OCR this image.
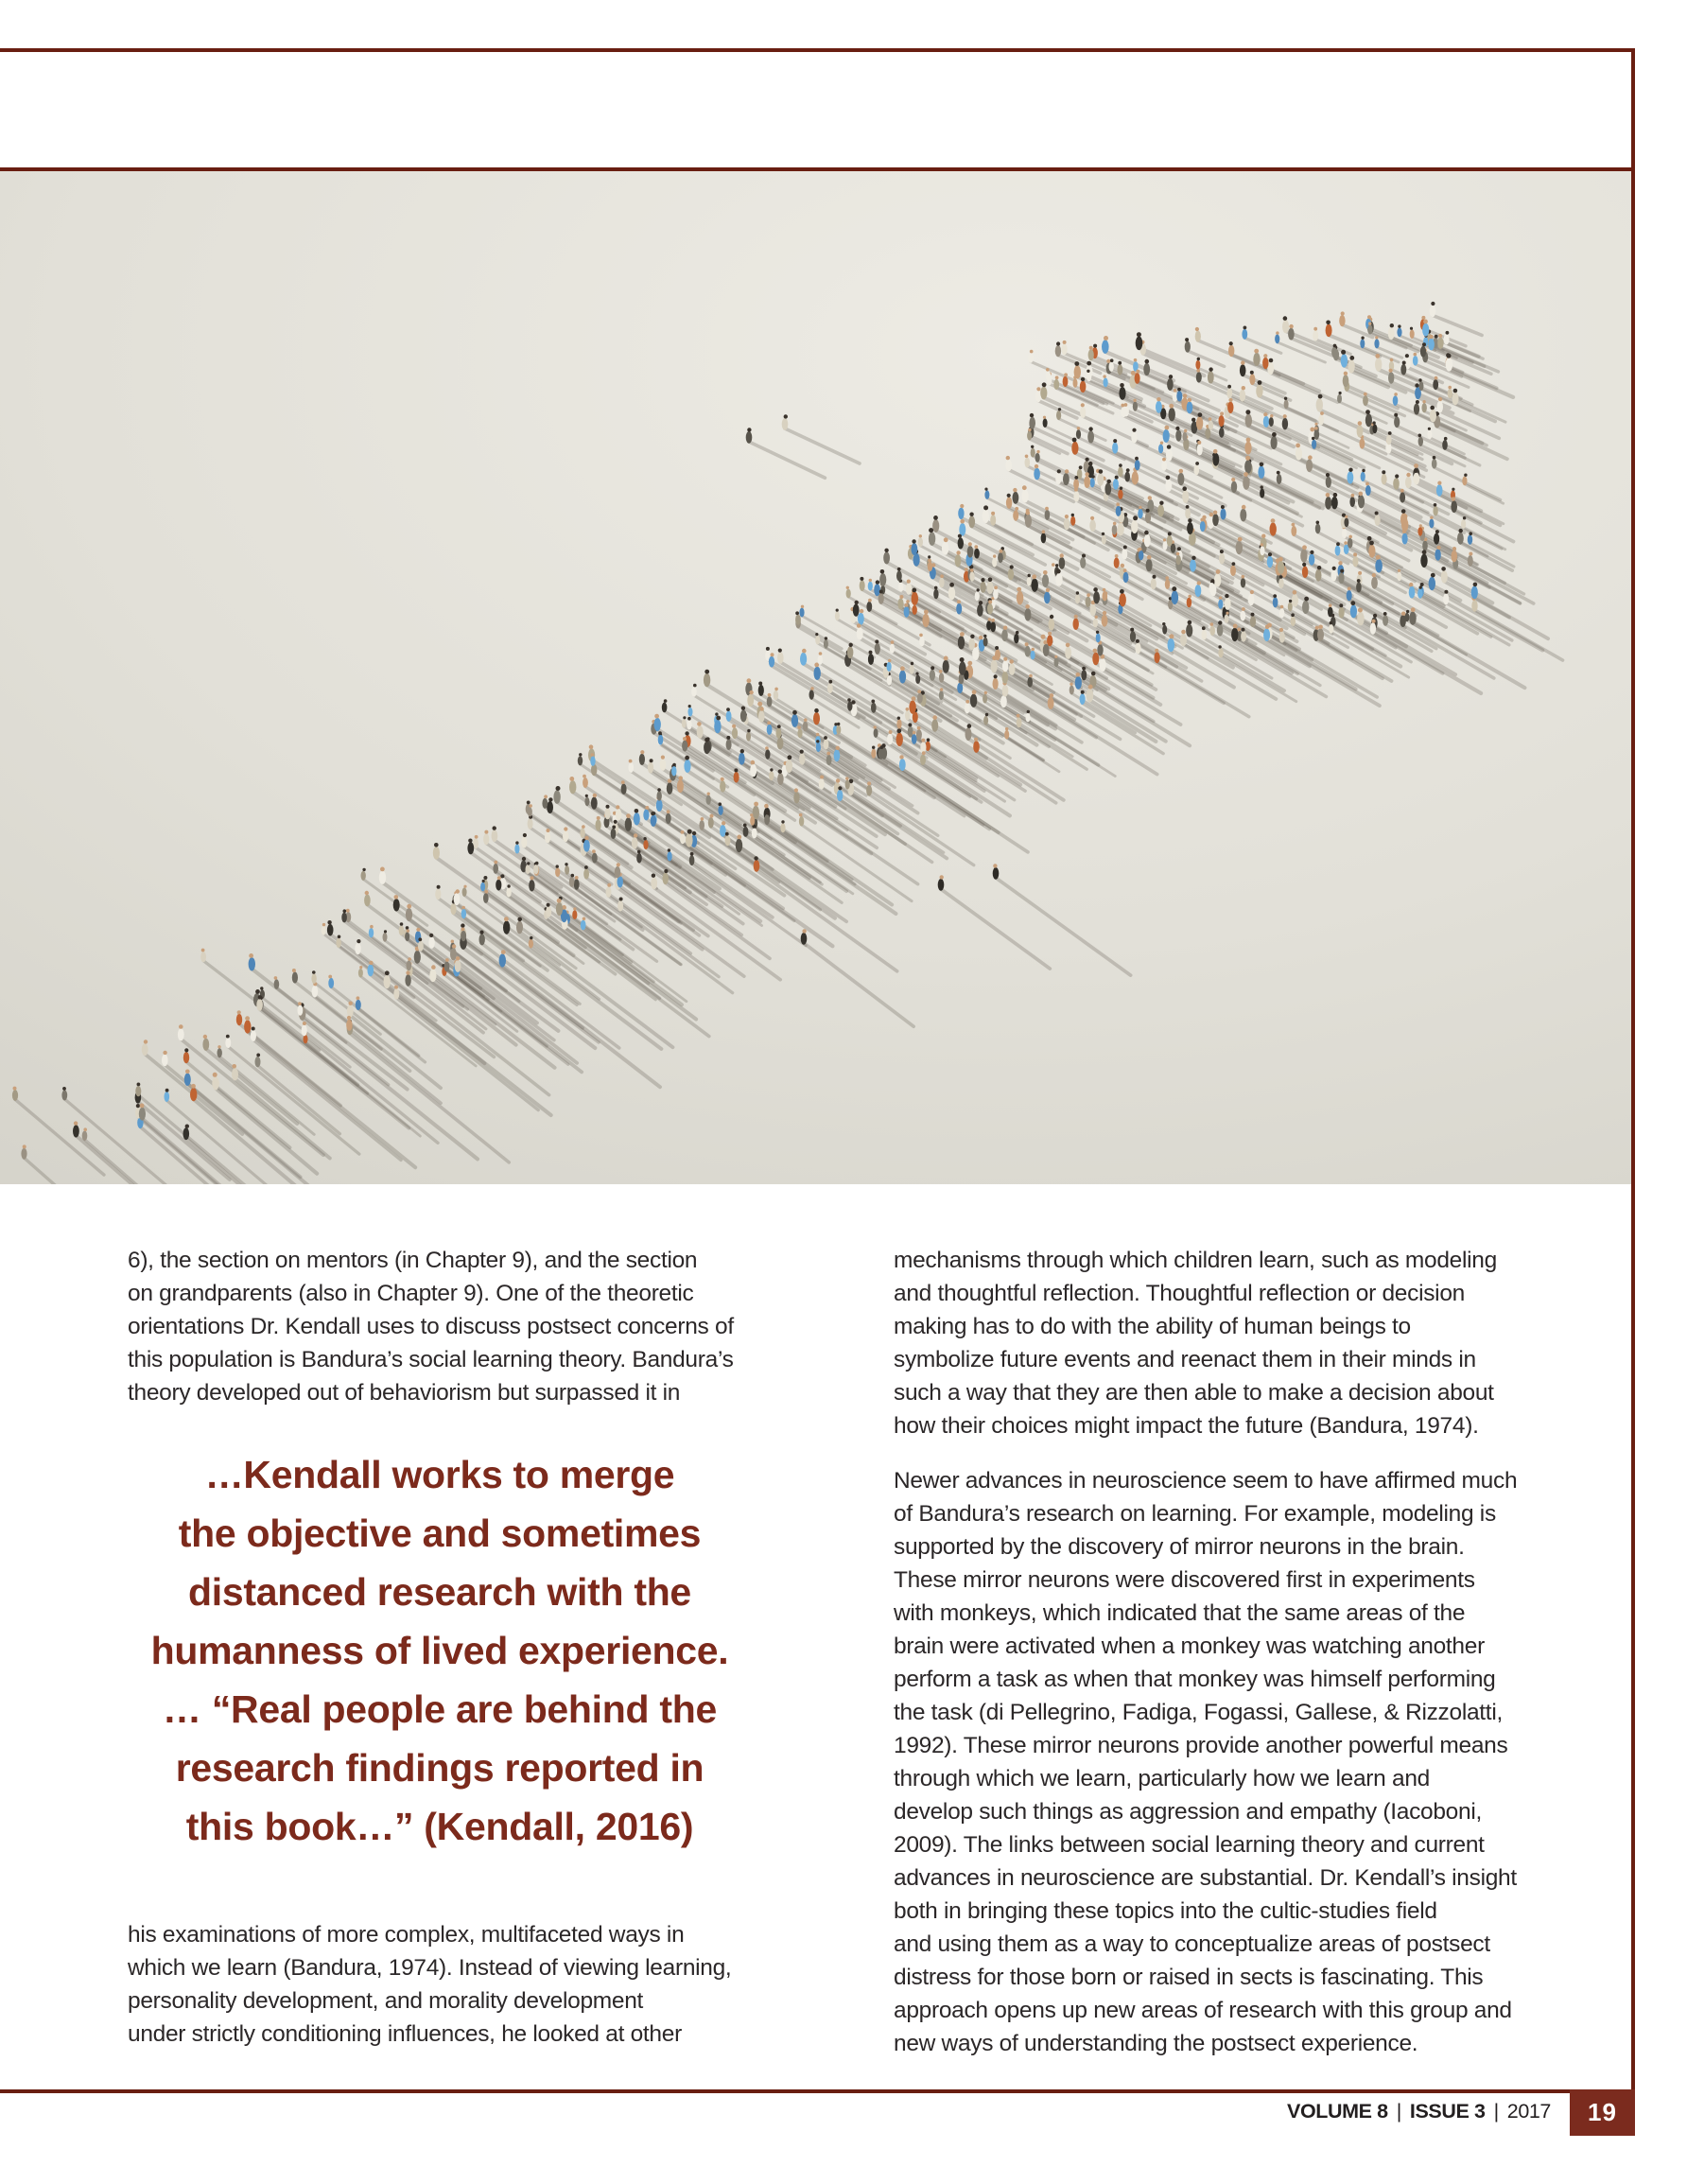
6), the section on mentors (in Chapter 9), and the section
on grandparents (also in Chapter 9). One of the theoretic
orientations Dr. Kendall uses to discuss postsect concerns of
this population is Bandura’s social learning theory. Bandura’s
theory developed out of behaviorism but surpassed it in

…Kendall works to merge
the objective and sometimes
distanced research with the
humanness of lived experience.
… “Real people are behind the
research findings reported in
this book…” (Kendall, 2016)

his examinations of more complex, multifaceted ways in
which we learn (Bandura, 1974). Instead of viewing learning,
personality development, and morality development
under strictly conditioning influences, he looked at other

mechanisms through which children learn, such as modeling
and thoughtful reflection. Thoughtful reflection or decision
making has to do with the ability of human beings to
symbolize future events and reenact them in their minds in
such a way that they are then able to make a decision about
how their choices might impact the future (Bandura, 1974).

Newer advances in neuroscience seem to have affirmed much
of Bandura’s research on learning. For example, modeling is
supported by the discovery of mirror neurons in the brain.
These mirror neurons were discovered first in experiments
with monkeys, which indicated that the same areas of the
brain were activated when a monkey was watching another
perform a task as when that monkey was himself performing
the task (di Pellegrino, Fadiga, Fogassi, Gallese, & Rizzolatti,
1992). These mirror neurons provide another powerful means
through which we learn, particularly how we learn and
develop such things as aggression and empathy (Iacoboni,
2009). The links between social learning theory and current
advances in neuroscience are substantial. Dr. Kendall’s insight
both in bringing these topics into the cultic-studies field
and using them as a way to conceptualize areas of postsect
distress for those born or raised in sects is fascinating. This
approach opens up new areas of research with this group and
new ways of understanding the postsect experience.

VOLUME 8 | ISSUE 3 | 2017	19
